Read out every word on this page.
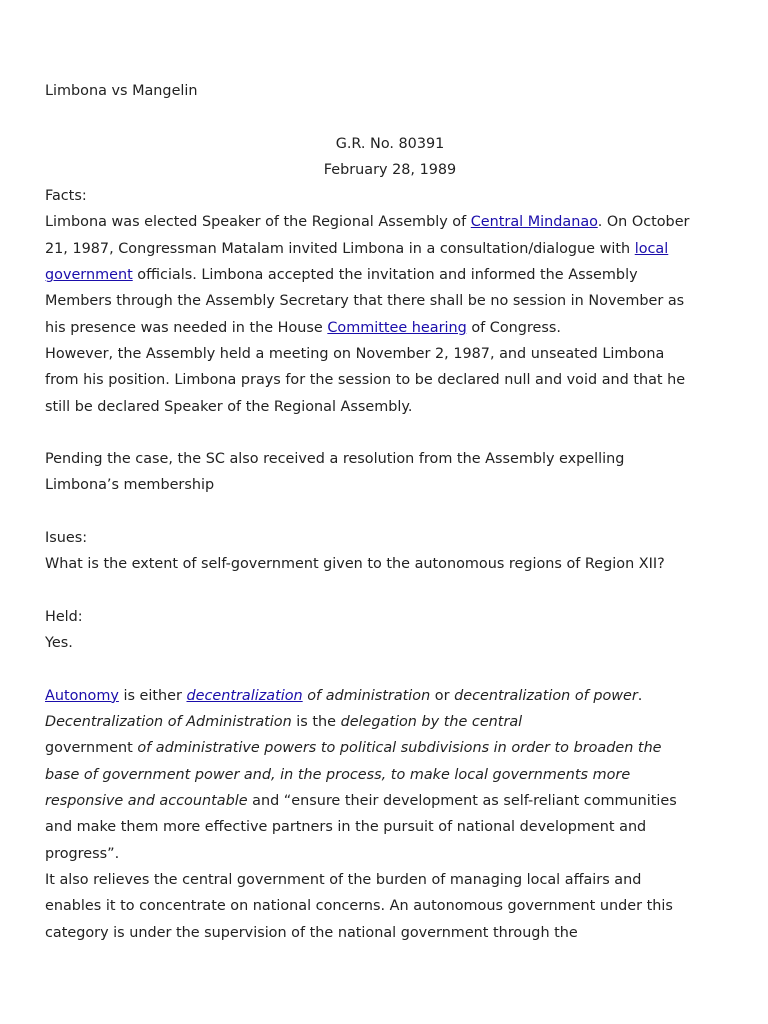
Limbona vs Mangelin
G.R. No. 80391
February 28, 1989
Facts:
Limbona was elected Speaker of the Regional Assembly of Central Mindanao. On October
21, 1987, Congressman Matalam invited Limbona in a consultation/dialogue with local
government officials. Limbona accepted the invitation and informed the Assembly
Members through the Assembly Secretary that there shall be no session in November as
his presence was needed in the House Committee hearing of Congress.
However, the Assembly held a meeting on November 2, 1987, and unseated Limbona
from his position. Limbona prays for the session to be declared null and void and that he
still be declared Speaker of the Regional Assembly.
Pending the case, the SC also received a resolution from the Assembly expelling
Limbona’s membership
Isues:
What is the extent of self-government given to the autonomous regions of Region XII?
Held:
Yes.
Autonomy is either decentralization of administration or decentralization of power.
Decentralization of Administration is the delegation by the central
government of administrative powers to political subdivisions in order to broaden the
base of government power and, in the process, to make local governments more
responsive and accountable and “ensure their development as self-reliant communities
and make them more effective partners in the pursuit of national development and
progress”.
It also relieves the central government of the burden of managing local affairs and
enables it to concentrate on national concerns. An autonomous government under this
category is under the supervision of the national government through the
